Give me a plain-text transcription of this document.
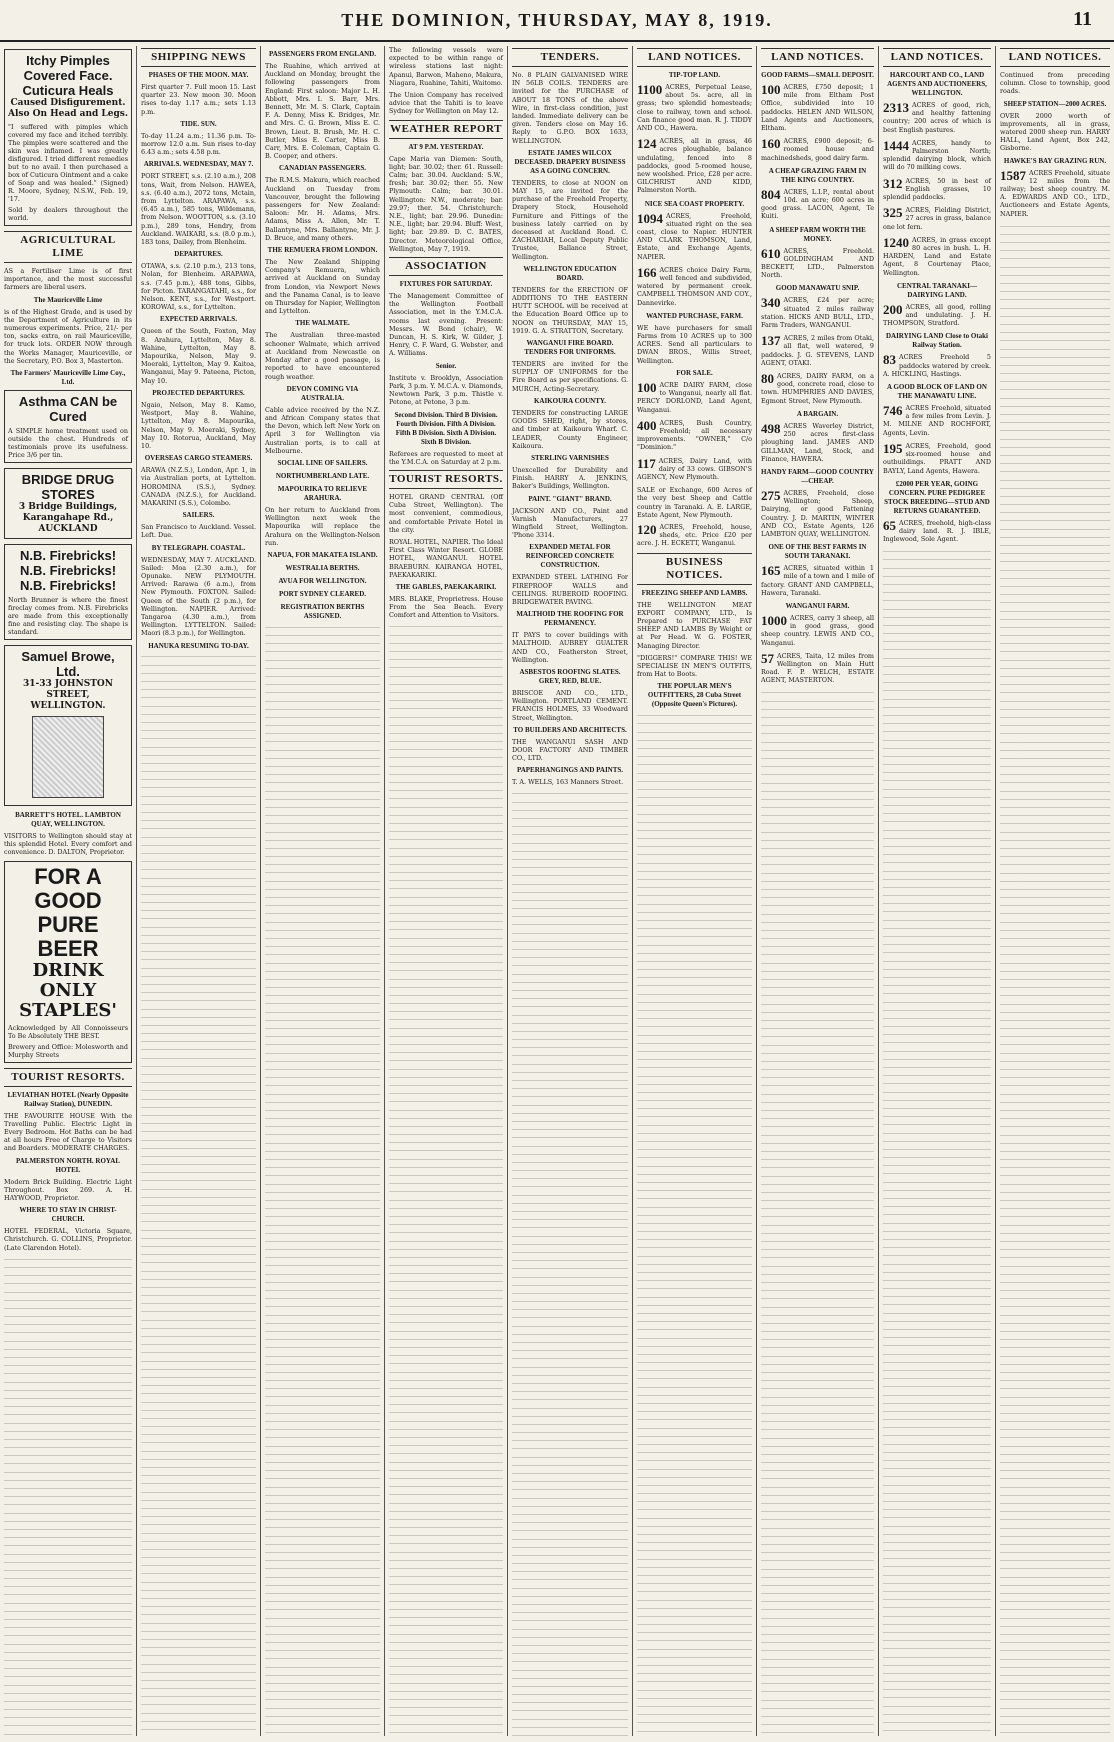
THE DOMINION, THURSDAY, MAY 8, 1919.	11
Itchy Pimples Covered Face. Cuticura Heals
Caused Disfigurement. Also On Head and Legs.
"I suffered with pimples which covered my face and itched terribly. The pimples were scattered and the skin was inflamed. I was greatly disfigured. I tried different remedies but to no avail. I then purchased a box of Cuticura Ointment and a cake of Soap and was healed." (Signed) R. Moore, Sydney, N.S.W., Feb. 19, '17.
Sold by dealers throughout the world.
AGRICULTURAL LIME

AS a Fertiliser Lime is of first importance, and the most successful farmers are liberal users.

The Mauriceville Lime

is of the Highest Grade, and is used by the Department of Agriculture in its numerous experiments. Price, 21/- per ton, sacks extra, on rail Mauriceville, for truck lots. ORDER NOW through the Works Manager, Mauriceville, or the Secretary, P.O. Box 3, Masterton.

The Farmers' Mauriceville Lime Coy., Ltd.
Asthma CAN be Cured
A SIMPLE home treatment used on outside the chest. Hundreds of testimonials prove its usefulness. Price 3/6 per tin.
BRIDGE DRUG STORES
3 Bridge Buildings, Karangahape Rd., AUCKLAND
N.B. Firebricks! N.B. Firebricks! N.B. Firebricks!
North Brunner is where the finest fireclay comes from. N.B. Firebricks are made from this exceptionally fine and resisting clay. The shape is standard.
Samuel Browe, Ltd.
31-33 JOHNSTON STREET, WELLINGTON.
BARRETT'S HOTEL. LAMBTON QUAY, WELLINGTON.

VISITORS to Wellington should stay at this splendid Hotel. Every comfort and convenience. D. DALTON, Proprietor.

FOR A GOOD PURE BEER
DRINK ONLY STAPLES'
Acknowledged by All Connoisseurs To Be Absolutely THE BEST.
Brewery and Office: Molesworth and Murphy Streets
TOURIST RESORTS.
LEVIATHAN HOTEL (Nearly Opposite Railway Station), DUNEDIN.

THE FAVOURITE HOUSE With the Travelling Public. Electric Light in Every Bedroom. Hot Baths can be had at all hours Free of Charge to Visitors and Boarders. MODERATE CHARGES.

PALMERSTON NORTH. ROYAL HOTEL

Modern Brick Building. Electric Light Throughout. Box 269. A. H. HAYWOOD, Proprietor.

WHERE TO STAY IN CHRIST-CHURCH.

HOTEL FEDERAL, Victoria Square, Christchurch. G. COLLINS, Proprietor. (Late Clarendon Hotel).

SHIPPING NEWS
PHASES OF THE MOON. MAY.

First quarter 7. Full moon 15. Last quarter 23. New moon 30. Moon rises to-day 1.17 a.m.; sets 1.13 p.m.

TIDE. SUN.

To-day 11.24 a.m.; 11.36 p.m. To-morrow 12.0 a.m. Sun rises to-day 6.43 a.m.; sets 4.58 p.m.

ARRIVALS. WEDNESDAY, MAY 7.

PORT STREET, s.s. (2.10 a.m.), 208 tons, Wait, from Nelson. HAWEA, s.s. (6.40 a.m.), 2072 tons, Mctain, from Lyttelton. ARAPAWA, s.s. (6.45 a.m.), 585 tons, Wildemann, from Nelson. WOOTTON, s.s. (3.10 p.m.), 289 tons, Hendry, from Auckland. WAIKARI, s.s. (8.0 p.m.), 183 tons, Dailey, from Blenheim.

DEPARTURES.

OTAWA, s.s. (2.10 p.m.), 213 tons, Nolan, for Blenheim. ARAPAWA, s.s. (7.45 p.m.), 488 tons, Gibbs, for Picton. TARANGATAHI, s.s., for Nelson. KENT, s.s., for Westport. KOROWAI, s.s., for Lyttelton.

EXPECTED ARRIVALS.

Queen of the South, Foxton, May 8. Arahura, Lyttelton, May 8. Wahine, Lyttelton, May 8. Mapourika, Nelson, May 9. Moeraki, Lyttelton, May 9. Kaitoa, Wanganui, May 9. Pateena, Picton, May 10.

PROJECTED DEPARTURES.

Ngaio, Nelson, May 8. Kamo, Westport, May 8. Wahine, Lyttelton, May 8. Mapourika, Nelson, May 9. Moeraki, Sydney, May 10. Rotorua, Auckland, May 10.

OVERSEAS CARGO STEAMERS.

ARAWA (N.Z.S.), London, Apr. 1, in via Australian ports, at Lyttelton. HOROMINA (S.S.), Sydney. CANADA (N.Z.S.), for Auckland. MAKARINI (S.S.), Colombo.

SAILERS.

San Francisco to Auckland. Vessel. Left. Due.

BY TELEGRAPH. COASTAL.

WEDNESDAY, MAY 7. AUCKLAND. Sailed: Moa (2.30 a.m.), for Opunake. NEW PLYMOUTH. Arrived: Rarawa (6 a.m.), from New Plymouth. FOXTON. Sailed: Queen of the South (2 p.m.), for Wellington. NAPIER. Arrived: Tangaroa (4.30 a.m.), from Wellington. LYTTELTON. Sailed: Maori (8.3 p.m.), for Wellington.

HANUKA RESUMING TO-DAY.
PASSENGERS FROM ENGLAND.

The Ruahine, which arrived at Auckland on Monday, brought the following passengers from England: First saloon: Major L. H. Abbott, Mrs. I. S. Barr, Mrs. Bennett, Mr. M. S. Clark, Captain F. A. Denny, Miss K. Bridges, Mr. and Mrs. C. G. Brown, Miss E. C. Brown, Lieut. B. Brush, Mr. H. C. Butler, Miss E. Carter, Miss B. Carr, Mrs. E. Coleman, Captain G. B. Cooper, and others.

CANADIAN PASSENGERS.

The R.M.S. Makura, which reached Auckland on Tuesday from Vancouver, brought the following passengers for New Zealand: Saloon: Mr. H. Adams, Mrs. Adams, Miss A. Allen, Mr. T. Ballantyne, Mrs. Ballantyne, Mr. J. D. Bruce, and many others.

THE REMUERA FROM LONDON.

The New Zealand Shipping Company's Remuera, which arrived at Auckland on Sunday from London, via Newport News and the Panama Canal, is to leave on Thursday for Napier, Wellington and Lyttelton.

THE WALMATE.

The Australian three-masted schooner Walmate, which arrived at Auckland from Newcastle on Monday after a good passage, is reported to have encountered rough weather.

DEVON COMING VIA AUSTRALIA.

Cable advice received by the N.Z. and African Company states that the Devon, which left New York on April 3 for Wellington via Australian ports, is to call at Melbourne.

SOCIAL LINE OF SAILERS.
NORTHUMBERLAND LATE.
MAPOURIKA TO RELIEVE ARAHURA.

On her return to Auckland from Wellington next week the Mapourika will replace the Arahura on the Wellington-Nelson run.

NAPUA, FOR MAKATEA ISLAND.
WESTRALIA BERTHS.
AVUA FOR WELLINGTON.
PORT SYDNEY CLEARED.
REGISTRATION BERTHS ASSIGNED.

The following vessels were expected to be within range of wireless stations last night: Apanui, Barwon, Maheno, Makura, Niagara, Ruahine, Tahiti, Waitomo.

The Union Company has received advice that the Tahiti is to leave Sydney for Wellington on May 12.

WEATHER REPORT
AT 9 P.M. YESTERDAY.

Cape Maria van Diemen: South, light; bar. 30.02; ther. 61. Russell: Calm; bar. 30.04. Auckland: S.W., fresh; bar. 30.02; ther. 55. New Plymouth: Calm; bar. 30.01. Wellington: N.W., moderate; bar. 29.97; ther. 54. Christchurch: N.E., light; bar. 29.96. Dunedin: N.E., light; bar. 29.94. Bluff: West, light; bar. 29.89. D. C. BATES, Director. Meteorological Office, Wellington, May 7, 1919.

ASSOCIATION
FIXTURES FOR SATURDAY.

The Management Committee of the Wellington Football Association, met in the Y.M.C.A. rooms last evening. Present: Messrs. W. Bond (chair), W. Duncan, H. S. Kirk, W. Gilder, J. Henry, C. F. Ward, G. Webster, and A. Williams.

Senior.

Institute v. Brooklyn, Association Park, 3 p.m. Y. M.C.A. v. Diamonds, Newtown Park, 3 p.m. Thistle v. Petone, at Petone, 3 p.m.

Second Division. Third B Division. Fourth Division. Fifth A Division. Fifth B Division. Sixth A Division. Sixth B Division.

Referees are requested to meet at the Y.M.C.A. on Saturday at 2 p.m.

TOURIST RESORTS.

HOTEL GRAND CENTRAL (Off Cuba Street, Wellington). The most convenient, commodious, and comfortable Private Hotel in the city.

ROYAL HOTEL, NAPIER. The Ideal First Class Winter Resort. GLOBE HOTEL, WANGANUI. HOTEL BRAEBURN. KAIRANGA HOTEL, PAEKAKARIKI.

THE GABLES, PAEKAKARIKI.

MRS. BLAKE, Proprietress. House From the Sea Beach. Every Comfort and Attention to Visitors.

TENDERS.

No. 8 PLAIN GALVANISED WIRE IN 56LB COILS. TENDERS are invited for the PURCHASE of ABOUT 18 TONS of the above Wire, in first-class condition, just landed. Immediate delivery can be given. Tenders close on May 16. Reply to G.P.O. BOX 1633, WELLINGTON.

ESTATE JAMES WILCOX DECEASED. DRAPERY BUSINESS AS A GOING CONCERN.

TENDERS, to close at NOON on MAY 15, are invited for the purchase of the Freehold Property, Drapery Stock, Household Furniture and Fittings of the business lately carried on by deceased at Auckland Road. C. ZACHARIAH, Local Deputy Public Trustee, Ballance Street, Wellington.

WELLINGTON EDUCATION BOARD.

TENDERS for the ERECTION OF ADDITIONS TO THE EASTERN HUTT SCHOOL will be received at the Education Board Office up to NOON on THURSDAY, MAY 15, 1919. G. A. STRATTON, Secretary.

WANGANUI FIRE BOARD. TENDERS FOR UNIFORMS.

TENDERS are invited for the SUPPLY OF UNIFORMS for the Fire Board as per specifications. G. MURCH, Acting-Secretary.

KAIKOURA COUNTY.

TENDERS for constructing LARGE GOODS SHED, right, by stores, and timber at Kaikoura Wharf. C. LEADER, County Engineer, Kaikoura.

STERLING VARNISHES

Unexcelled for Durability and Finish. HARRY A. JENKINS, Baker's Buildings, Wellington.

PAINT. "GIANT" BRAND.

JACKSON AND CO., Paint and Varnish Manufacturers, 27 Wingfield Street, Wellington. 'Phone 3314.

EXPANDED METAL FOR REINFORCED CONCRETE CONSTRUCTION.

EXPANDED STEEL LATHING For FIREPROOF WALLS and CEILINGS. RUBEROID ROOFING. BRIDGEWATER PAVING.

MALTHOID THE ROOFING FOR PERMANENCY.

IT PAYS to cover buildings with MALTHOID. AUBREY GUALTER AND CO., Featherston Street, Wellington.

ASBESTOS ROOFING SLATES. GREY, RED, BLUE.

BRISCOE AND CO., LTD., Wellington. PORTLAND CEMENT. FRANCIS HOLMES, 33 Woodward Street, Wellington.

TO BUILDERS AND ARCHITECTS.

THE WANGANUI SASH AND DOOR FACTORY AND TIMBER CO., LTD.

PAPERHANGINGS AND PAINTS.

T. A. WELLS, 163 Manners Street.

LAND NOTICES.
TIP-TOP LAND.
1100 ACRES, Perpetual Lease, about 5s. acre, all in grass; two splendid homesteads; close to railway, town and school. Can finance good man. R. J. TIDDY AND CO., Hawera.
124 ACRES, all in grass, 46 acres ploughable, balance undulating, fenced into 8 paddocks, good 5-roomed house, new woolshed. Price, £28 per acre. GILCHRIST AND KIDD, Palmerston North.
NICE SEA COAST PROPERTY.
1094 ACRES, Freehold, situated right on the sea coast, close to Napier. HUNTER AND CLARK THOMSON, Land, Estate, and Exchange Agents, NAPIER.
166 ACRES choice Dairy Farm, well fenced and subdivided, watered by permanent creek. CAMPBELL THOMSON AND COY., Dannevirke.
WANTED PURCHASE, FARM.

WE have purchasers for small Farms from 10 ACRES up to 300 ACRES. Send all particulars to DWAN BROS., Willis Street, Wellington.

FOR SALE.
100 ACRE DAIRY FARM, close to Wanganui, nearly all flat. PERCY DORLOND, Land Agent, Wanganui.
400 ACRES, Bush Country, Freehold; all necessary improvements. "OWNER," C/o "Dominion."
117 ACRES, Dairy Land, with dairy of 33 cows. GIBSON'S AGENCY, New Plymouth.

SALE or Exchange, 600 Acres of the very best Sheep and Cattle country in Taranaki. A. E. LARGE, Estate Agent, New Plymouth.

120 ACRES, Freehold, house, sheds, etc. Price £20 per acre. J. H. ECKETT, Wanganui.
BUSINESS NOTICES.
FREEZING SHEEP AND LAMBS.

THE WELLINGTON MEAT EXPORT COMPANY, LTD., Is Prepared to PURCHASE FAT SHEEP AND LAMBS By Weight or at Per Head. W. G. FOSTER, Managing Director.

"DIGGERS!" COMPARE THIS! WE SPECIALISE IN MEN'S OUTFITS, from Hat to Boots.

THE POPULAR MEN'S OUTFITTERS, 28 Cuba Street (Opposite Queen's Pictures).
LAND NOTICES.
GOOD FARMS—SMALL DEPOSIT.
100 ACRES, £750 deposit; 1 mile from Eltham Post Office, subdivided into 10 paddocks. HELEN AND WILSON, Land Agents and Auctioneers, Eltham.
160 ACRES, £900 deposit; 6-roomed house and machinedsheds, good dairy farm.
A CHEAP GRAZING FARM IN THE KING COUNTRY.
804 ACRES, L.I.P., rental about 10d. an acre; 600 acres in good grass. LACON, Agent, Te Kuiti.
A SHEEP FARM WORTH THE MONEY.
610 ACRES, Freehold. GOLDINGHAM AND BECKETT, LTD., Palmerston North.
GOOD MANAWATU SNIP.
340 ACRES, £24 per acre; situated 2 miles railway station. HICKS AND BULL, LTD., Farm Traders, WANGANUI.
137 ACRES, 2 miles from Otaki, all flat, well watered, 9 paddocks. J. G. STEVENS, LAND AGENT, OTAKI.
80 ACRES, DAIRY FARM, on a good, concrete road, close to town. HUMPHRIES AND DAVIES, Egmont Street, New Plymouth.
A BARGAIN.
498 ACRES Waverley District, 250 acres first-class ploughing land. JAMES AND GILLMAN, Land, Stock, and Finance, HAWERA.
HANDY FARM—GOOD COUNTRY—CHEAP.
275 ACRES, Freehold, close Wellington; Sheep, Dairying, or good Fattening Country. J. D. MARTIN, WINTER AND CO., Estate Agents, 126 LAMBTON QUAY, WELLINGTON.
ONE OF THE BEST FARMS IN SOUTH TARANAKI.
165 ACRES, situated within 1 mile of a town and 1 mile of factory. GRANT AND CAMPBELL, Hawera, Taranaki.
WANGANUI FARM.
1000 ACRES, carry 3 sheep, all in good grass, good sheep country. LEWIS AND CO., Wanganui.
57 ACRES, Taita, 12 miles from Wellington on Main Hutt Road. F. P. WELCH, ESTATE AGENT, MASTERTON.
LAND NOTICES.
HARCOURT AND CO., LAND AGENTS AND AUCTIONEERS, WELLINGTON.
2313 ACRES of good, rich, and healthy fattening country; 200 acres of which is best English pastures.
1444 ACRES, handy to Palmerston North; splendid dairying block, which will do 70 milking cows.
312 ACRES, 50 in best of English grasses, 10 splendid paddocks.
325 ACRES, Fielding District, 27 acres in grass, balance one lot fern.
1240 ACRES, in grass except 80 acres in bush. L. H. HARDEN, Land and Estate Agent, 8 Courtenay Place, Wellington.
CENTRAL TARANAKI—DAIRYING LAND.
200 ACRES, all good, rolling and undulating. J. H. THOMPSON, Stratford.
DAIRYING LAND Close to Otaki Railway Station.
83 ACRES Freehold 5 paddocks watered by creek. A. HICKLING, Hastings.
A GOOD BLOCK OF LAND ON THE MANAWATU LINE.
746 ACRES Freehold, situated a few miles from Levin. J. M. MILNE AND ROCHFORT, Agents, Levin.
195 ACRES, Freehold, good six-roomed house and outbuildings. PRATT AND BAYLY, Land Agents, Hawera.
£2000 PER YEAR, GOING CONCERN. PURE PEDIGREE STOCK BREEDING—STUD AND RETURNS GUARANTEED.
65 ACRES, freehold, high-class dairy land. R. J. IBLE, Inglewood, Sole Agent.
LAND NOTICES.

Continued from preceding column. Close to township, good roads.

SHEEP STATION—2000 ACRES.

OVER 2000 worth of improvements, all in grass, watered 2000 sheep run. HARRY HALL, Land Agent, Box 242, Gisborne.

HAWKE'S BAY GRAZING RUN.
1587 ACRES Freehold, situate 12 miles from the railway; best sheep country. M. A. EDWARDS AND CO., LTD., Auctioneers and Estate Agents, NAPIER.
